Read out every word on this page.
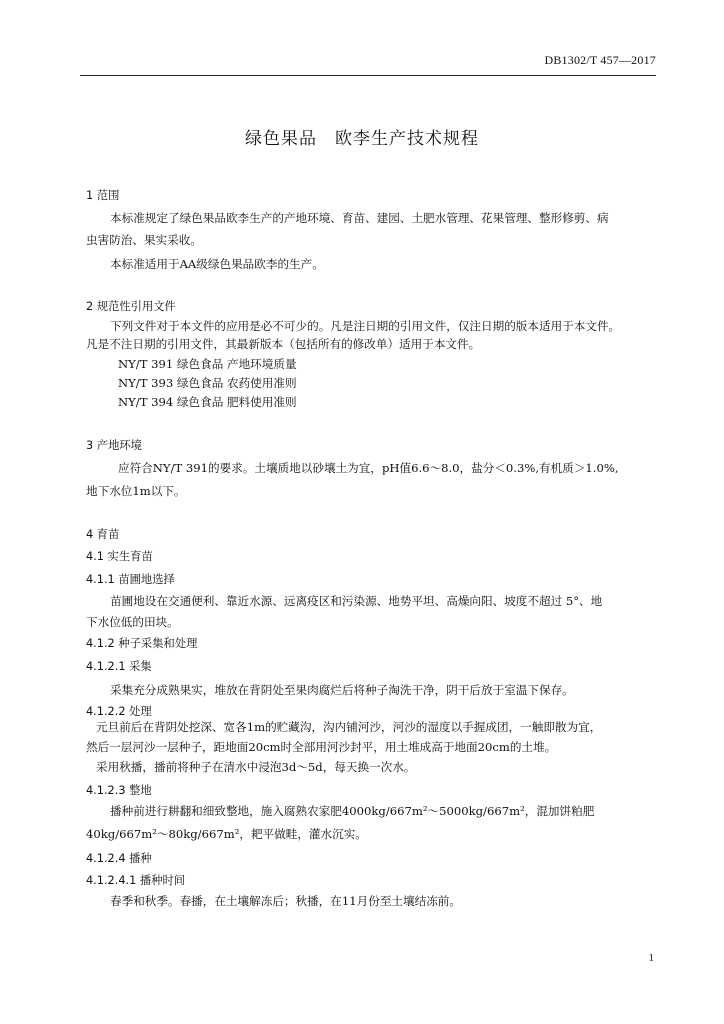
DB1302/T 457—2017
绿色果品　欧李生产技术规程
1 范围
本标准规定了绿色果品欧李生产的产地环境、育苗、建园、土肥水管理、花果管理、整形修剪、病
虫害防治、果实采收。
本标准适用于AA级绿色果品欧李的生产。
2 规范性引用文件
下列文件对于本文件的应用是必不可少的。凡是注日期的引用文件，仅注日期的版本适用于本文件。
凡是不注日期的引用文件，其最新版本（包括所有的修改单）适用于本文件。
NY/T 391 绿色食品 产地环境质量
NY/T 393 绿色食品 农药使用准则
NY/T 394 绿色食品 肥料使用准则
3 产地环境
应符合NY/T 391的要求。土壤质地以砂壤土为宜，pH值6.6～8.0，盐分＜0.3%,有机质＞1.0%,
地下水位1m以下。
4 育苗
4.1 实生育苗
4.1.1 苗圃地选择
苗圃地设在交通便利、靠近水源、远离疫区和污染源、地势平坦、高燥向阳、坡度不超过 5°、地
下水位低的田块。
4.1.2 种子采集和处理
4.1.2.1 采集
采集充分成熟果实，堆放在背阴处至果肉腐烂后将种子淘洗干净，阴干后放于室温下保存。
4.1.2.2 处理
元旦前后在背阴处挖深、宽各1m的贮藏沟，沟内铺河沙，河沙的湿度以手握成团，一触即散为宜，
然后一层河沙一层种子，距地面20cm时全部用河沙封平，用土堆成高于地面20cm的土堆。
采用秋播，播前将种子在清水中浸泡3d～5d，每天换一次水。
4.1.2.3 整地
播种前进行耕翻和细致整地，施入腐熟农家肥4000kg/667m²～5000kg/667m²，混加饼粕肥
40kg/667m²～80kg/667m²，耙平做畦，灌水沉实。
4.1.2.4 播种
4.1.2.4.1 播种时间
春季和秋季。春播，在土壤解冻后；秋播，在11月份至土壤结冻前。
1
